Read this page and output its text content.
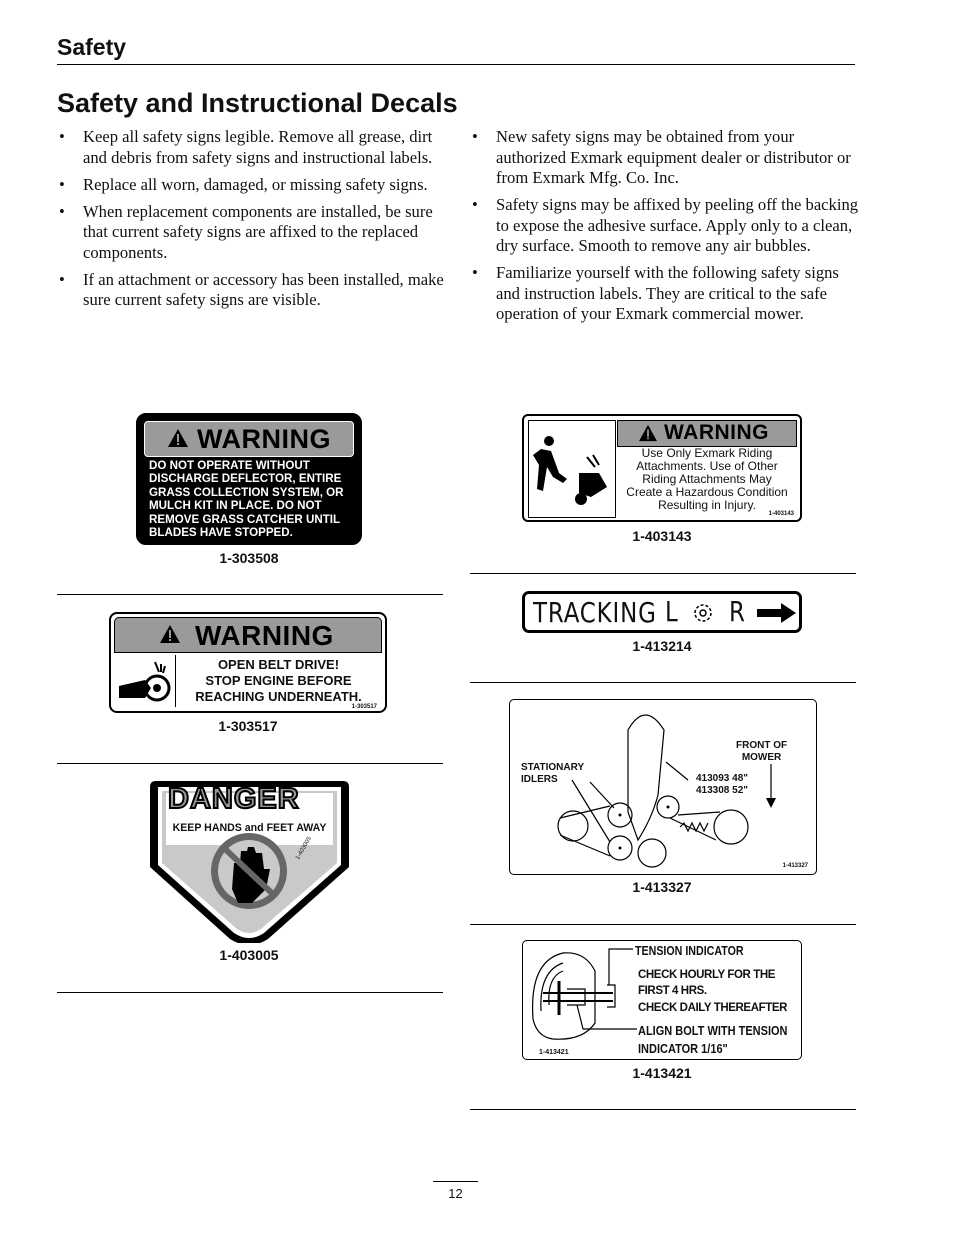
Safety
Safety and Instructional Decals
• Keep all safety signs legible. Remove all grease, dirt and debris from safety signs and instructional labels.
• Replace all worn, damaged, or missing safety signs.
• When replacement components are installed, be sure that current safety signs are affixed to the replaced components.
• If an attachment or accessory has been installed, make sure current safety signs are visible.
• New safety signs may be obtained from your authorized Exmark equipment dealer or distributor or from Exmark Mfg. Co. Inc.
• Safety signs may be affixed by peeling off the backing to expose the adhesive surface. Apply only to a clean, dry surface. Smooth to remove any air bubbles.
• Familiarize yourself with the following safety signs and instruction labels. They are critical to the safe operation of your Exmark commercial mower.
WARNING
DO NOT OPERATE WITHOUT
DISCHARGE DEFLECTOR, ENTIRE
GRASS COLLECTION SYSTEM, OR
MULCH KIT IN PLACE. DO NOT
REMOVE GRASS CATCHER UNTIL
BLADES HAVE STOPPED.
1-303508
WARNING
OPEN BELT DRIVE!
STOP ENGINE BEFORE
REACHING UNDERNEATH.
1-303517
1-303517
DANGER
KEEP HANDS and FEET AWAY
1-403005
1-403005
WARNING
Use Only Exmark Riding
Attachments. Use of Other
Riding Attachments May
Create a Hazardous Condition
Resulting in Injury.
1-403143
1-403143
TRACKING L R
1-413214
STATIONARY
IDLERS
FRONT OF
MOWER
413093 48"
413308 52"
1-413327
1-413327
TENSION INDICATOR
CHECK HOURLY FOR THE
FIRST 4 HRS.
CHECK DAILY THEREAFTER
ALIGN BOLT WITH TENSION
INDICATOR 1/16"
1-413421
1-413421
12
